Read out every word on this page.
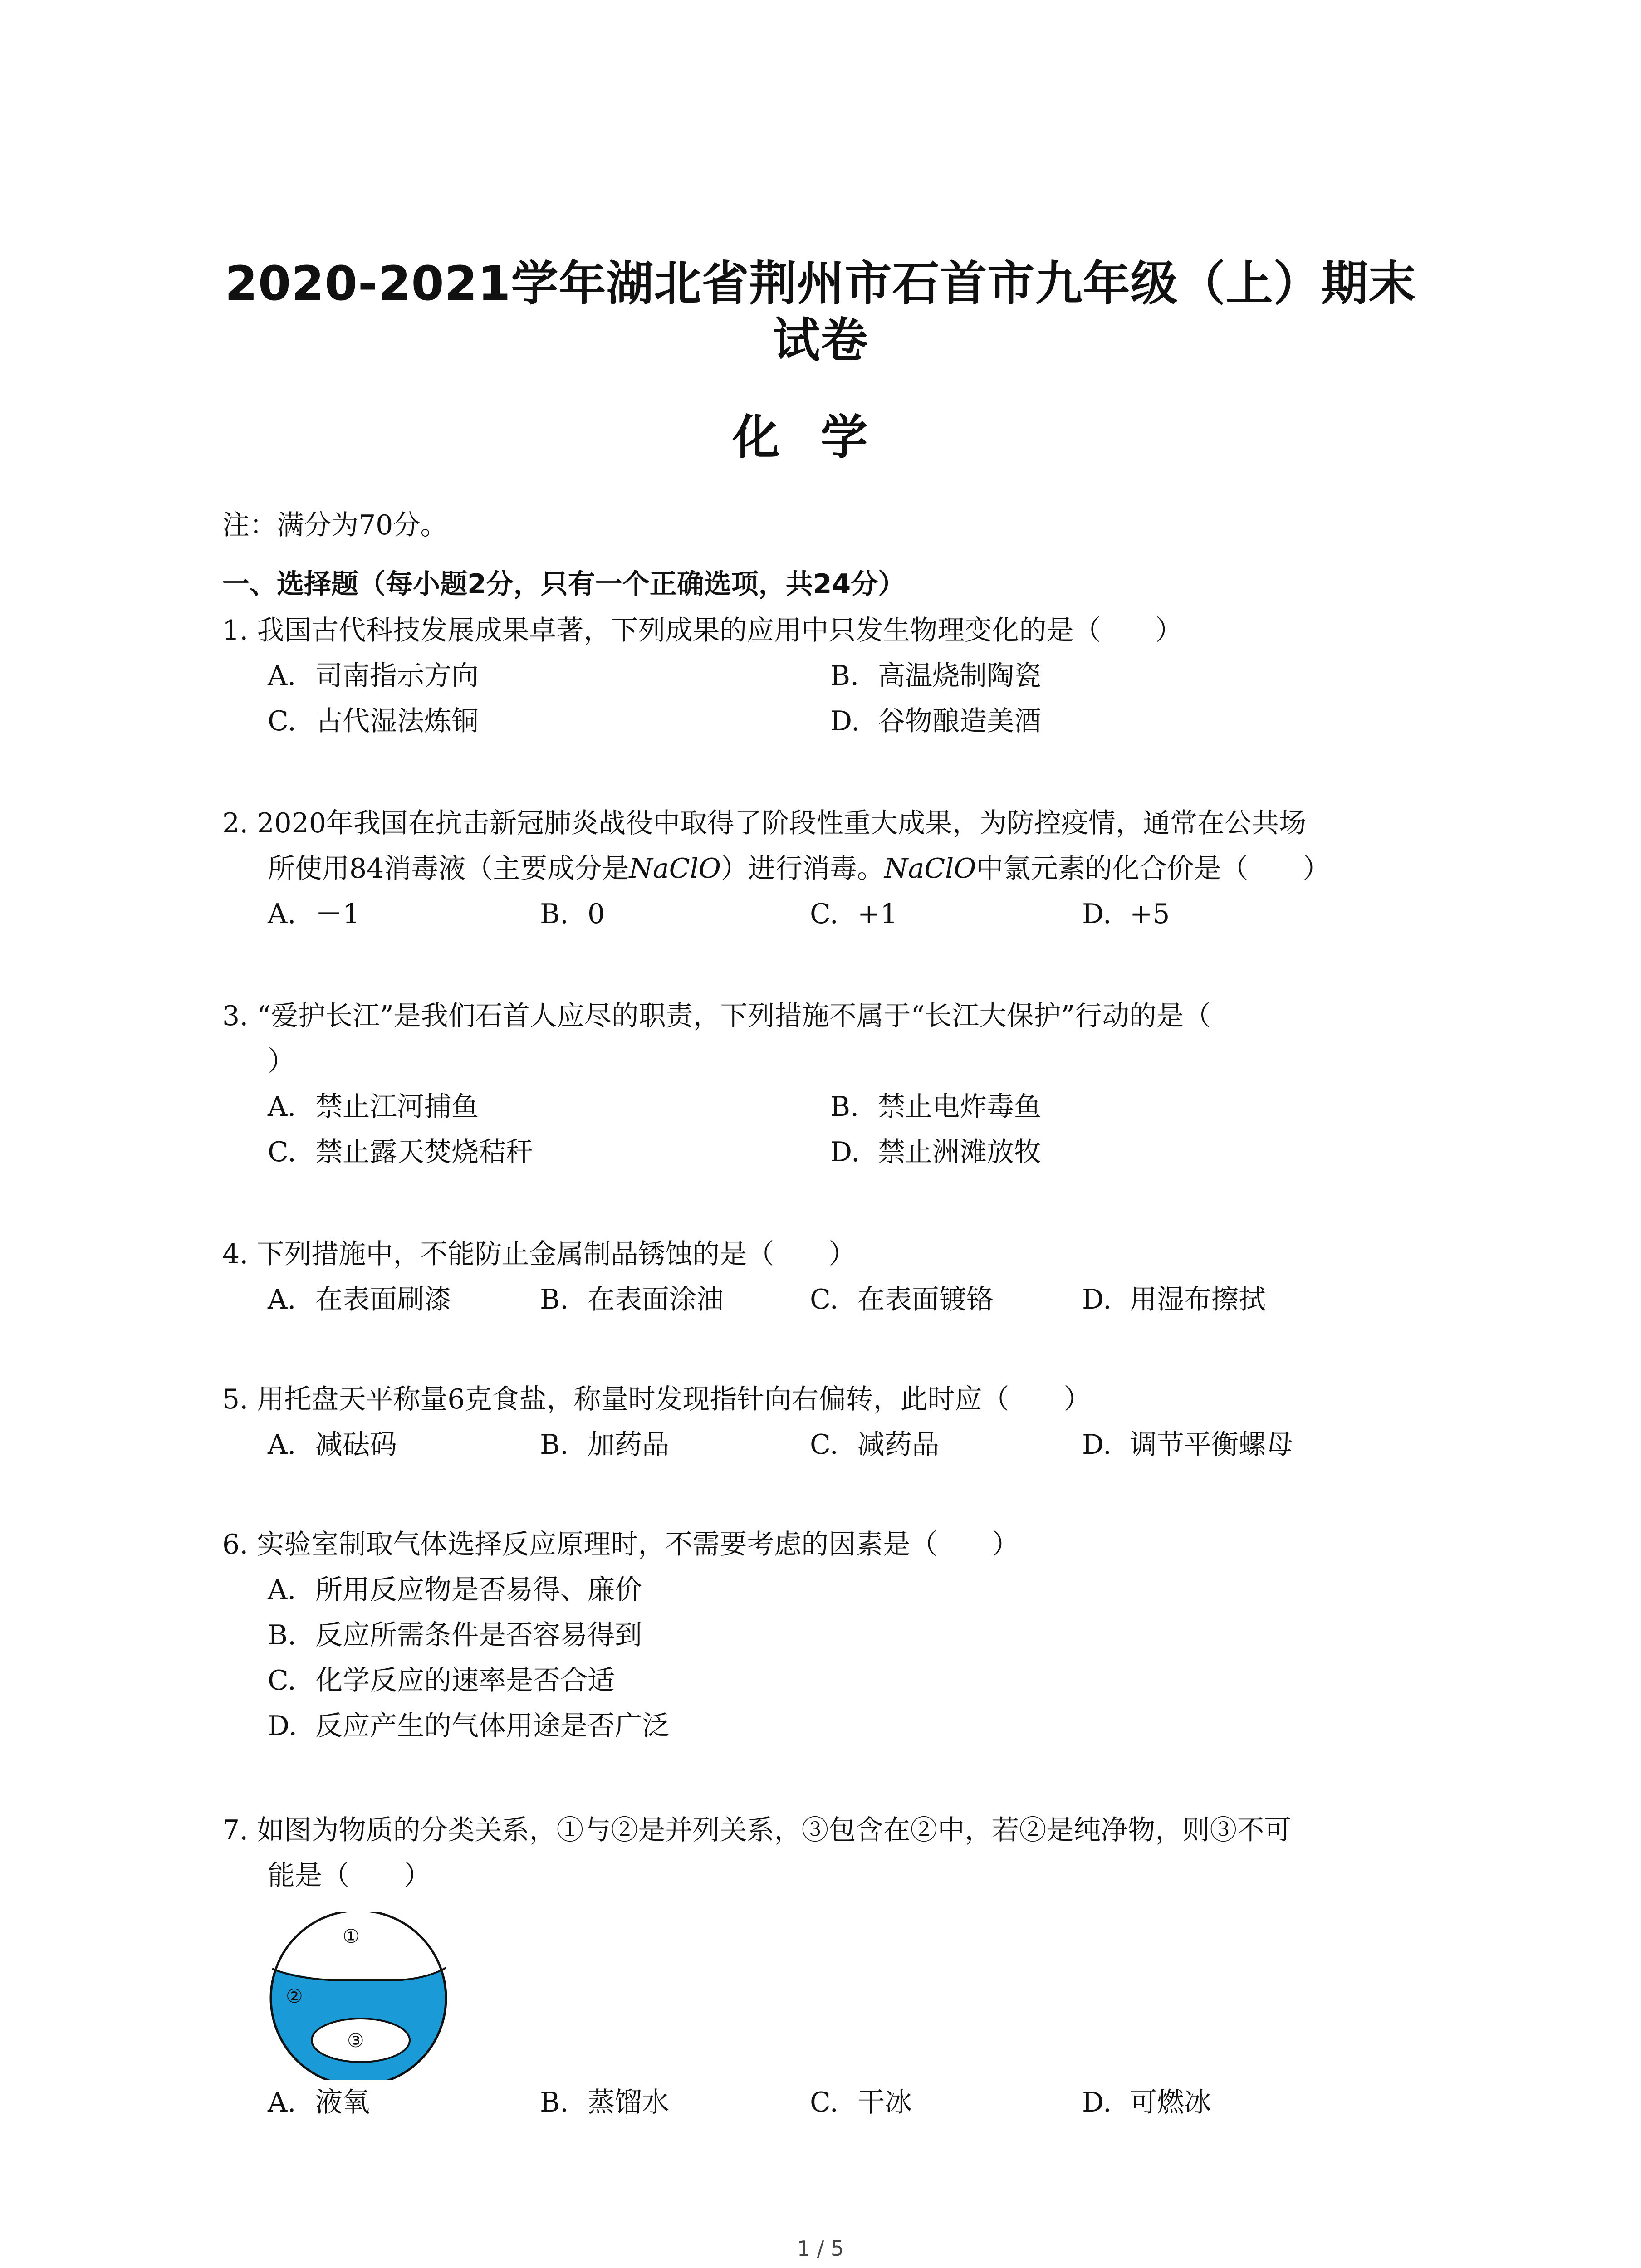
2020-2021学年湖北省荆州市石首市九年级（上）期末
试卷
化学
注：满分为70分。
一、选择题（每小题2分，只有一个正确选项，共24分）
1. 我国古代科技发展成果卓著，下列成果的应用中只发生物理变化的是（ ）
A. 司南指示方向	B. 高温烧制陶瓷
C. 古代湿法炼铜	D. 谷物酿造美酒
2. 2020年我国在抗击新冠肺炎战役中取得了阶段性重大成果，为防控疫情，通常在公共场
所使用84消毒液（主要成分是NaClO）进行消毒。NaClO中氯元素的化合价是（ ）
A. －1	B. 0	C. +1	D. +5
3. “爱护长江”是我们石首人应尽的职责，下列措施不属于“长江大保护”行动的是（
）
A. 禁止江河捕鱼	B. 禁止电炸毒鱼
C. 禁止露天焚烧秸秆	D. 禁止洲滩放牧
4. 下列措施中，不能防止金属制品锈蚀的是（ ）
A. 在表面刷漆	B. 在表面涂油	C. 在表面镀铬	D. 用湿布擦拭
5. 用托盘天平称量6克食盐，称量时发现指针向右偏转，此时应（ ）
A. 减砝码	B. 加药品	C. 减药品	D. 调节平衡螺母
6. 实验室制取气体选择反应原理时，不需要考虑的因素是（ ）
A. 所用反应物是否易得、廉价
B. 反应所需条件是否容易得到
C. 化学反应的速率是否合适
D. 反应产生的气体用途是否广泛
7. 如图为物质的分类关系，①与②是并列关系，③包含在②中，若②是纯净物，则③不可
能是（ ）
①
②
③
A. 液氧	B. 蒸馏水	C. 干冰	D. 可燃冰
1 / 5
